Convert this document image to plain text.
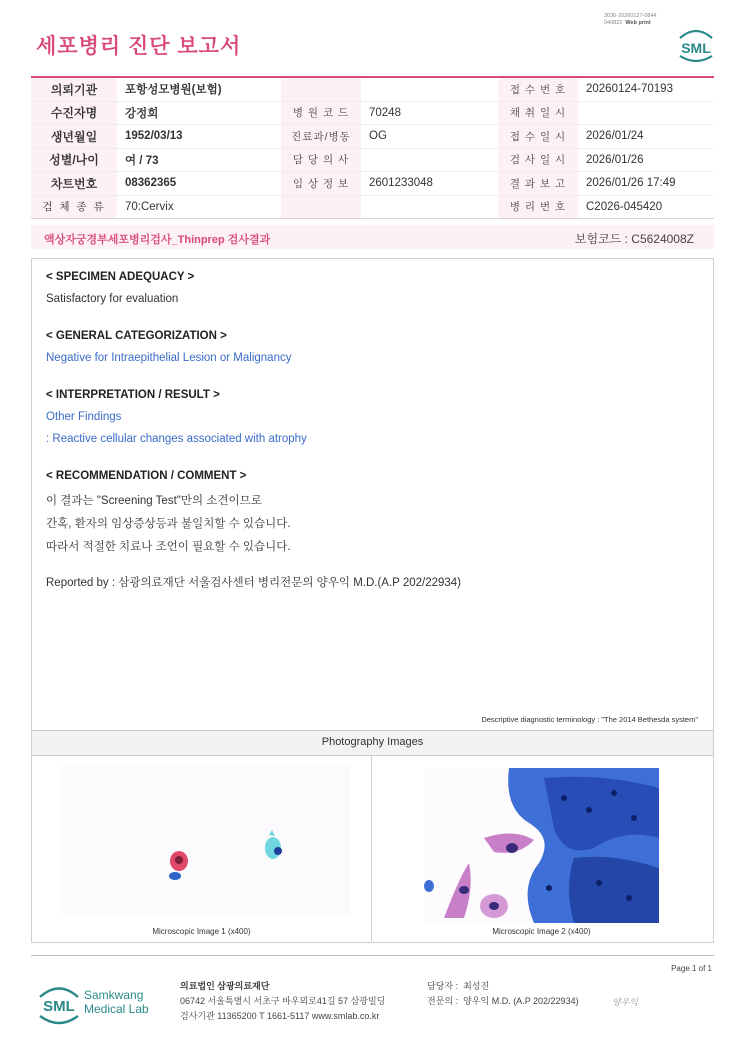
세포병리 진단 보고서
3036-20260127-0844
040822 Web print
SML
의뢰기관	포항성모병원(보험)			접 수 번 호	20260124-70193
수진자명	강정희	병 원 코 드	70248	채 취 일 시	
생년월일	1952/03/13	진료과/병동	OG	접 수 일 시	2026/01/24
성별/나이	여 / 73	담 당 의 사		검 사 일 시	2026/01/26
차트번호	08362365	임 상 정 보	2601233048	결 과 보 고	2026/01/26 17:49
검 체 종 류	70:Cervix			병 리 번 호	C2026-045420
액상자궁경부세포병리검사_Thinprep 검사결과	보험코드 : C5624008Z
< SPECIMEN ADEQUACY >
Satisfactory for evaluation
< GENERAL CATEGORIZATION >
Negative for Intraepithelial Lesion or Malignancy
< INTERPRETATION / RESULT >
Other Findings
: Reactive cellular changes associated with atrophy
< RECOMMENDATION / COMMENT >
이 결과는 "Screening Test"만의 소견이므로
간혹, 환자의 임상증상등과 불일치할 수 있습니다.
따라서 적절한 치료나 조언이 필요할 수 있습니다.
Reported by : 삼광의료재단 서울검사센터 병리전문의 양우익 M.D.(A.P 202/22934)
Descriptive diagnostic terminology : "The 2014 Bethesda system"
Photography Images
Microscopic Image 1 (x400)	Microscopic Image 2 (x400)
Page 1 of 1
SML
Samkwang
Medical Lab
의료법인 삼광의료재단
06742 서울특별시 서초구 바우뫼로41길 57 삼광빌딩
검사기관 11365200 T 1661-5117 www.smlab.co.kr
담당자 : 최성진
전문의 : 양우익 M.D. (A.P 202/22934)	양우익
